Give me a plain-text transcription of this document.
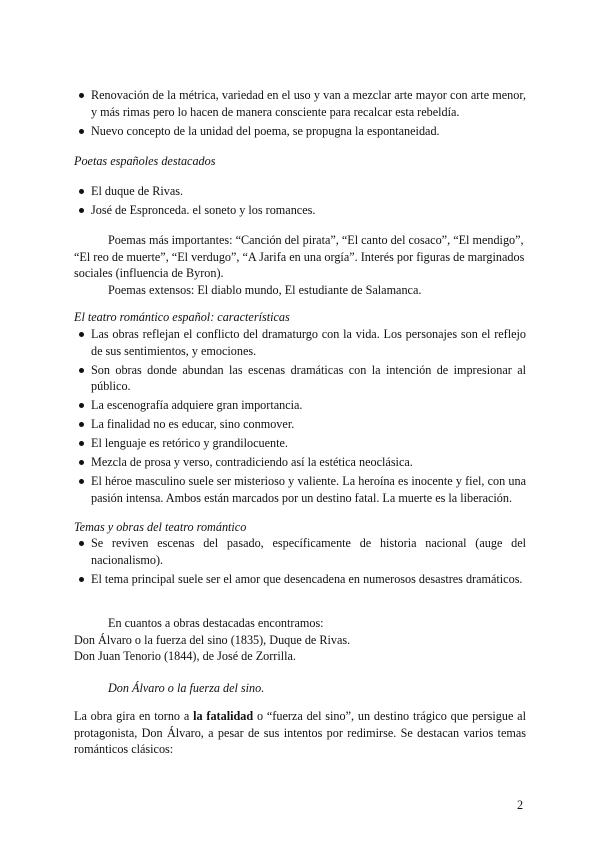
Renovación de la métrica, variedad en el uso y van a mezclar arte mayor con arte menor, y más rimas pero lo hacen de manera consciente para recalcar esta rebeldía.
Nuevo concepto de la unidad del poema, se propugna la espontaneidad.

Poetas españoles destacados

El duque de Rivas.
José de Espronceda. el soneto y los romances.

Poemas más importantes: “Canción del pirata”, “El canto del cosaco”, “El mendigo”, “El reo de muerte”, “El verdugo”, “A Jarifa en una orgía”. Interés por figuras de marginados sociales (influencia de Byron).

Poemas extensos: El diablo mundo, El estudiante de Salamanca.

El teatro romántico español: características

Las obras reflejan el conflicto del dramaturgo con la vida. Los personajes son el reflejo de sus sentimientos, y emociones.
Son obras donde abundan las escenas dramáticas con la intención de impresionar al público.
La escenografía adquiere gran importancia.
La finalidad no es educar, sino conmover.
El lenguaje es retórico y grandilocuente.
Mezcla de prosa y verso, contradiciendo así la estética neoclásica.
El héroe masculino suele ser misterioso y valiente. La heroína es inocente y fiel, con una pasión intensa. Ambos están marcados por un destino fatal. La muerte es la liberación.

Temas y obras del teatro romántico

Se reviven escenas del pasado, específicamente de historia nacional (auge del nacionalismo).
El tema principal suele ser el amor que desencadena en numerosos desastres dramáticos.

En cuantos a obras destacadas encontramos:

Don Álvaro o la fuerza del sino (1835), Duque de Rivas.

Don Juan Tenorio (1844), de José de Zorrilla.

Don Álvaro o la fuerza del sino.

La obra gira en torno a la fatalidad o “fuerza del sino”, un destino trágico que persigue al protagonista, Don Álvaro, a pesar de sus intentos por redimirse. Se destacan varios temas románticos clásicos:

2
